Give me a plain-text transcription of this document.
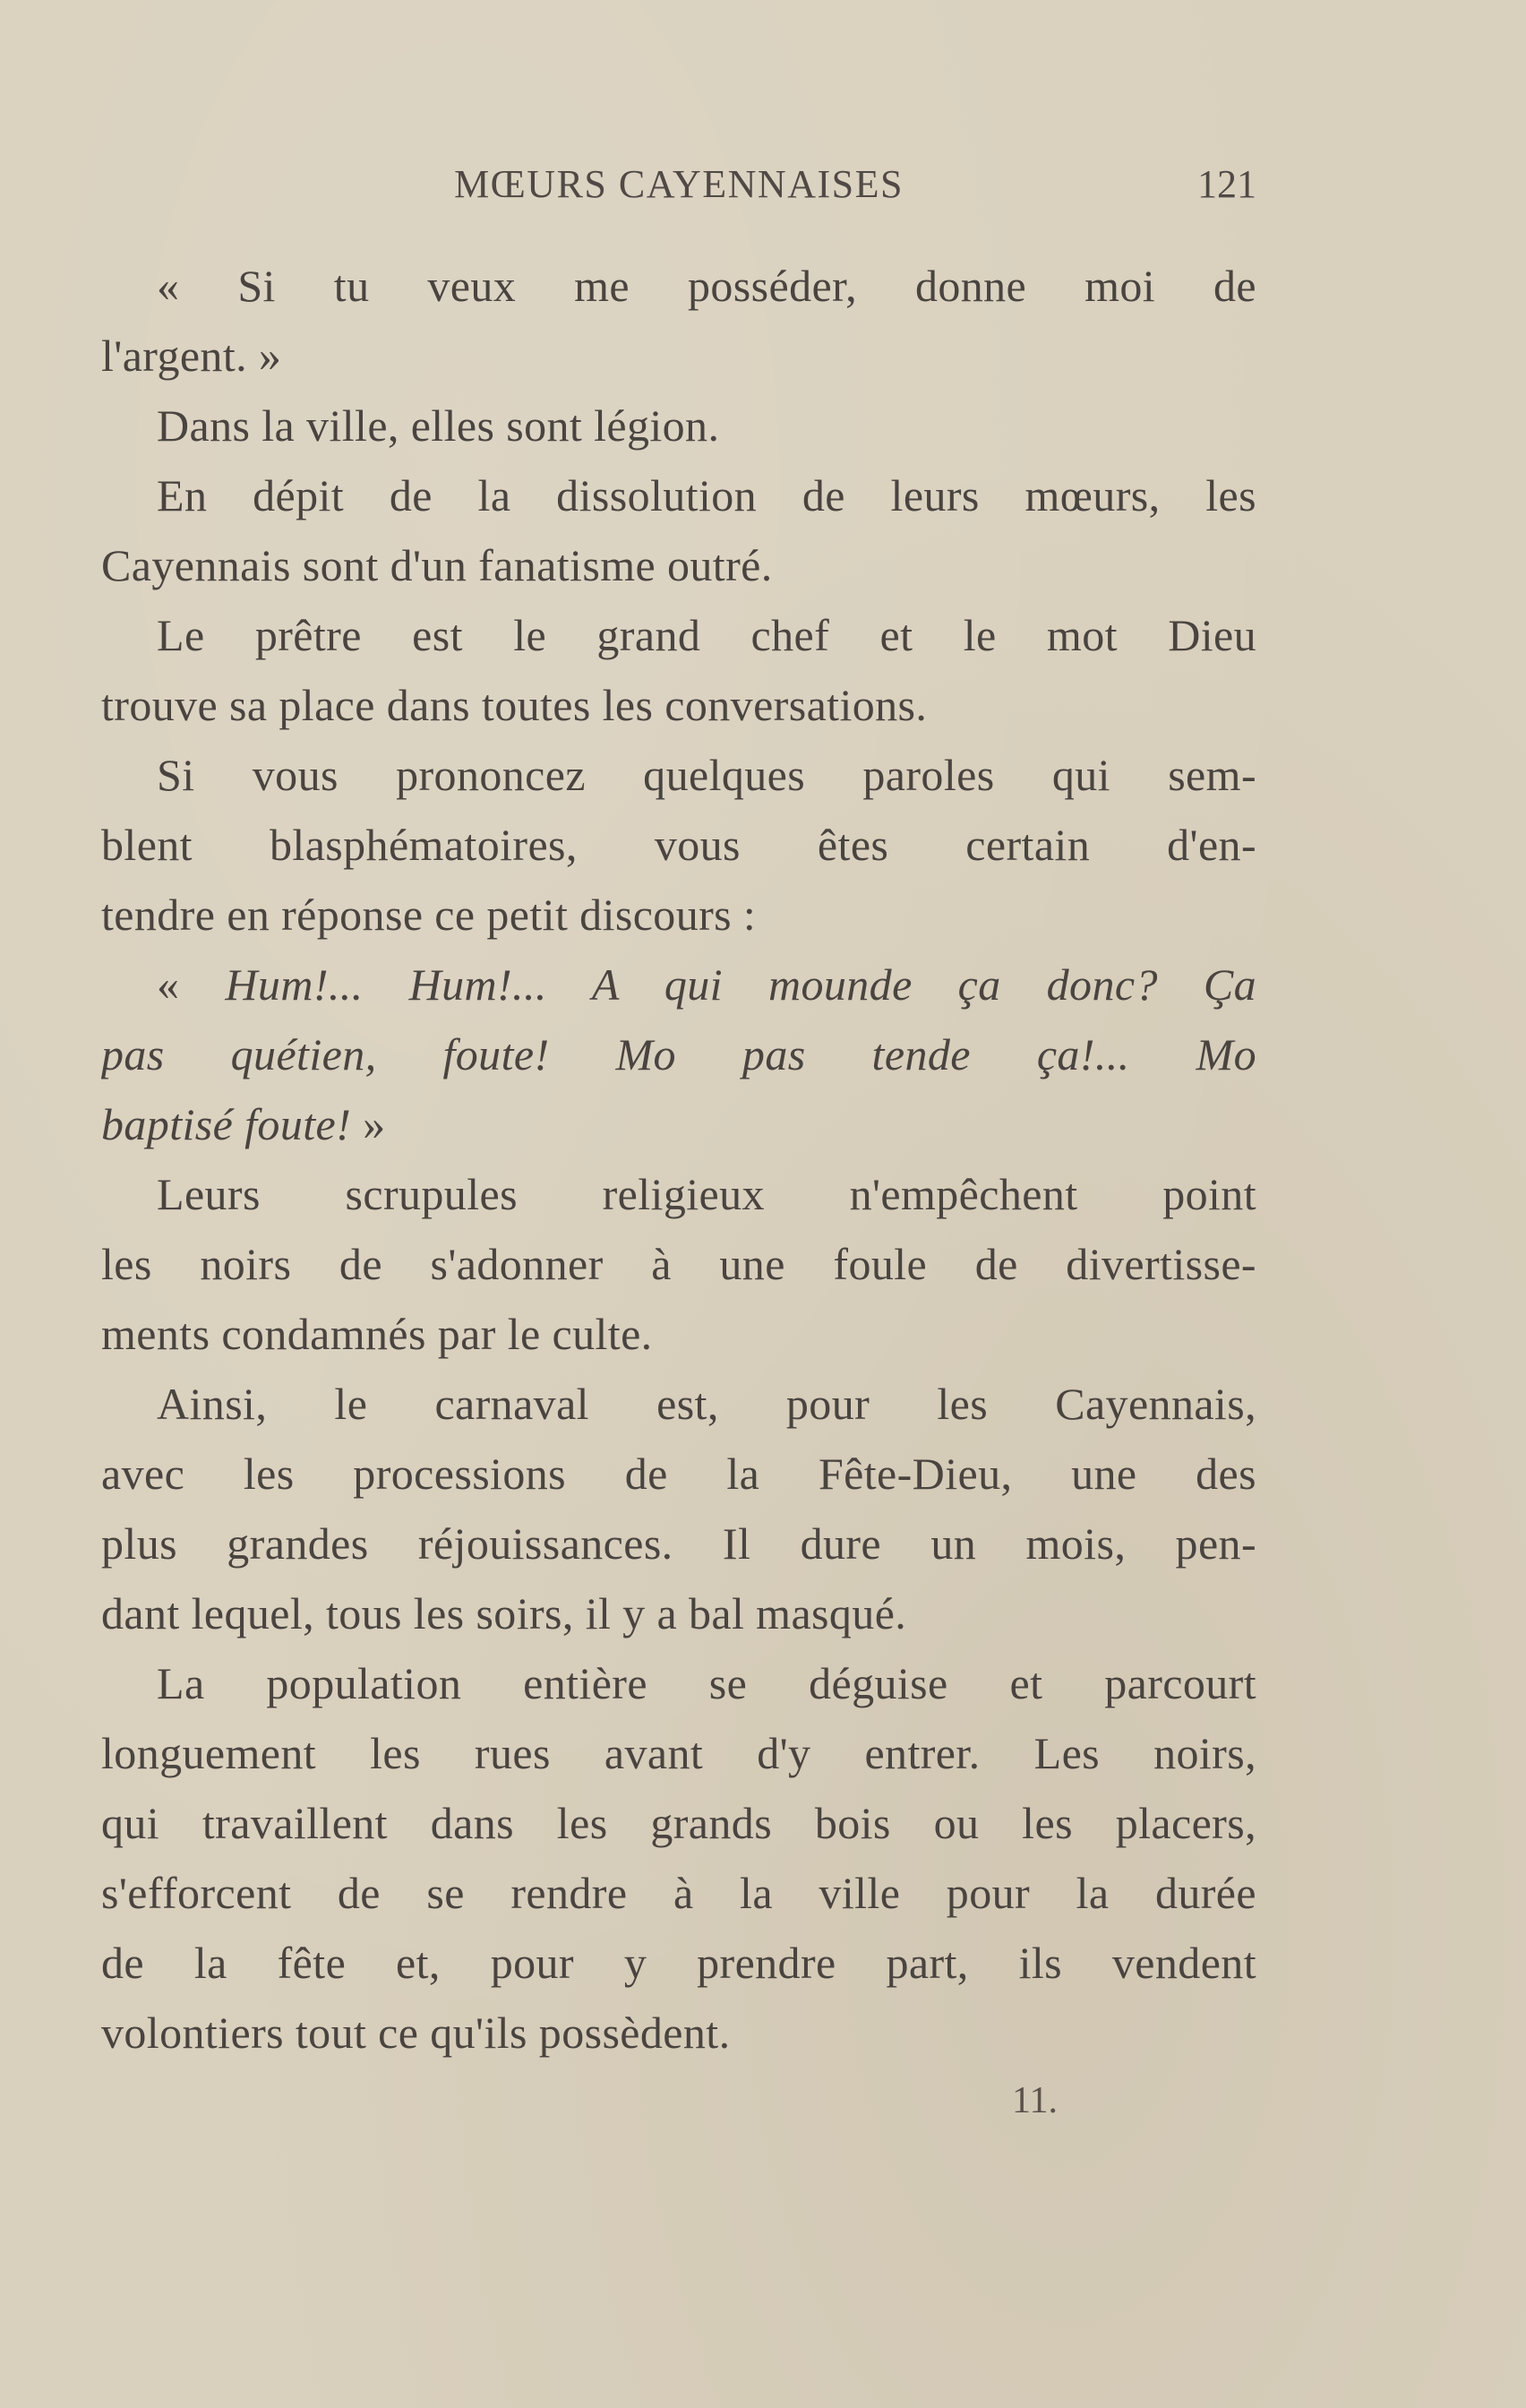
MŒURS CAYENNAISES	121
« Si tu veux me posséder, donne moi de
l'argent. »
Dans la ville, elles sont légion.
En dépit de la dissolution de leurs mœurs, les
Cayennais sont d'un fanatisme outré.
Le prêtre est le grand chef et le mot Dieu
trouve sa place dans toutes les conversations.
Si vous prononcez quelques paroles qui sem-
blent blasphématoires, vous êtes certain d'en-
tendre en réponse ce petit discours :
« Hum!... Hum!... A qui mounde ça donc? Ça
pas quétien, foute! Mo pas tende ça!... Mo
baptisé foute! »
Leurs scrupules religieux n'empêchent point
les noirs de s'adonner à une foule de divertisse-
ments condamnés par le culte.
Ainsi, le carnaval est, pour les Cayennais,
avec les processions de la Fête-Dieu, une des
plus grandes réjouissances. Il dure un mois, pen-
dant lequel, tous les soirs, il y a bal masqué.
La population entière se déguise et parcourt
longuement les rues avant d'y entrer. Les noirs,
qui travaillent dans les grands bois ou les placers,
s'efforcent de se rendre à la ville pour la durée
de la fête et, pour y prendre part, ils vendent
volontiers tout ce qu'ils possèdent.
11.
